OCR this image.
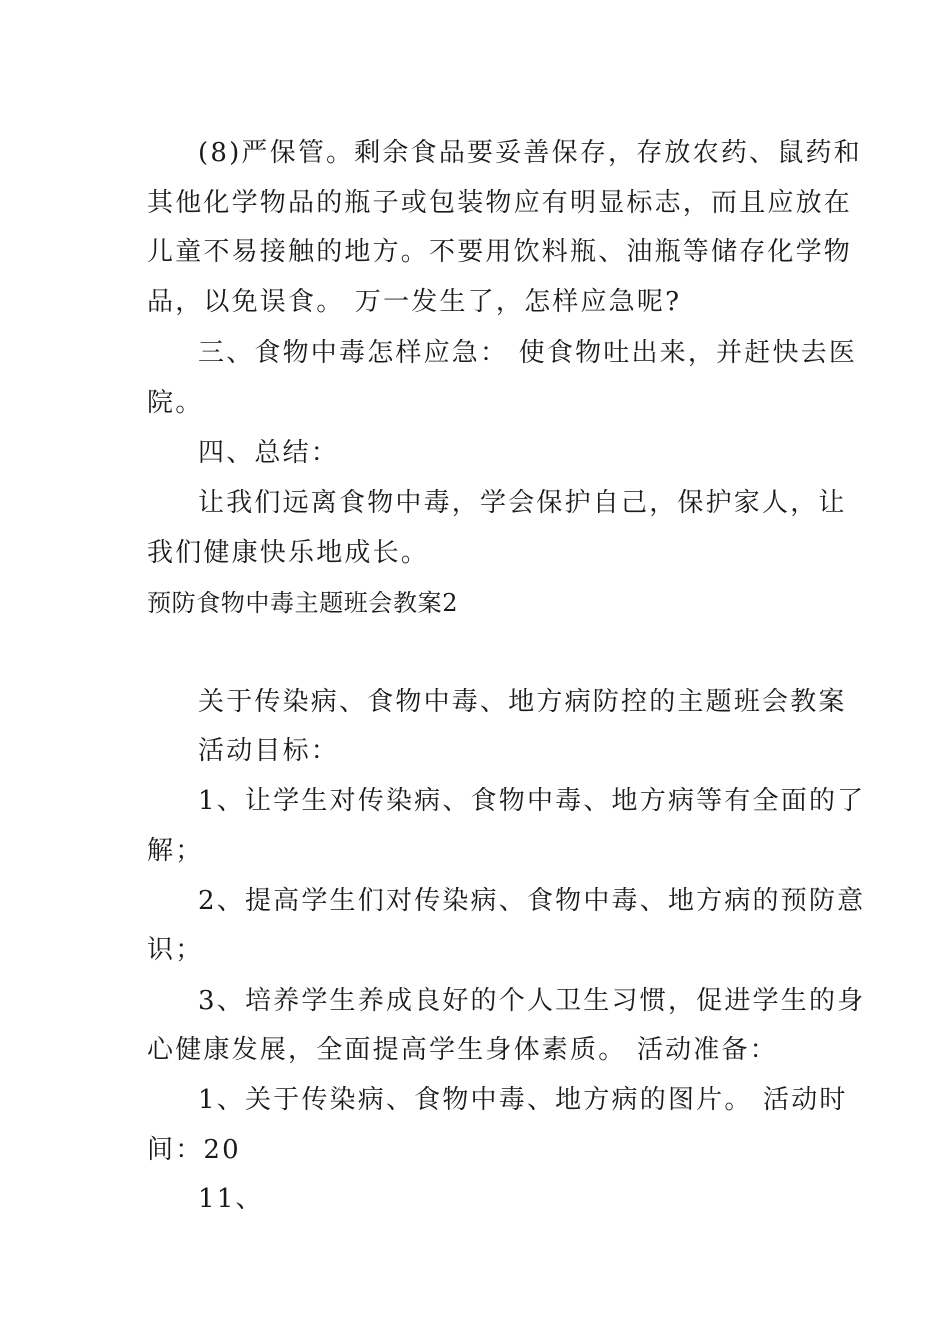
(8)严保管。剩余食品要妥善保存，存放农药、鼠药和
其他化学物品的瓶子或包装物应有明显标志，而且应放在
儿童不易接触的地方。不要用饮料瓶、油瓶等储存化学物
品，以免误食。 万一发生了，怎样应急呢?
三、食物中毒怎样应急： 使食物吐出来，并赶快去医
院。
四、总结：
让我们远离食物中毒，学会保护自己，保护家人，让
我们健康快乐地成长。
预防食物中毒主题班会教案2
关于传染病、食物中毒、地方病防控的主题班会教案
活动目标：
1、让学生对传染病、食物中毒、地方病等有全面的了
解；
2、提高学生们对传染病、食物中毒、地方病的预防意
识；
3、培养学生养成良好的个人卫生习惯，促进学生的身
心健康发展，全面提高学生身体素质。 活动准备：
1、关于传染病、食物中毒、地方病的图片。 活动时
间：20
11、
